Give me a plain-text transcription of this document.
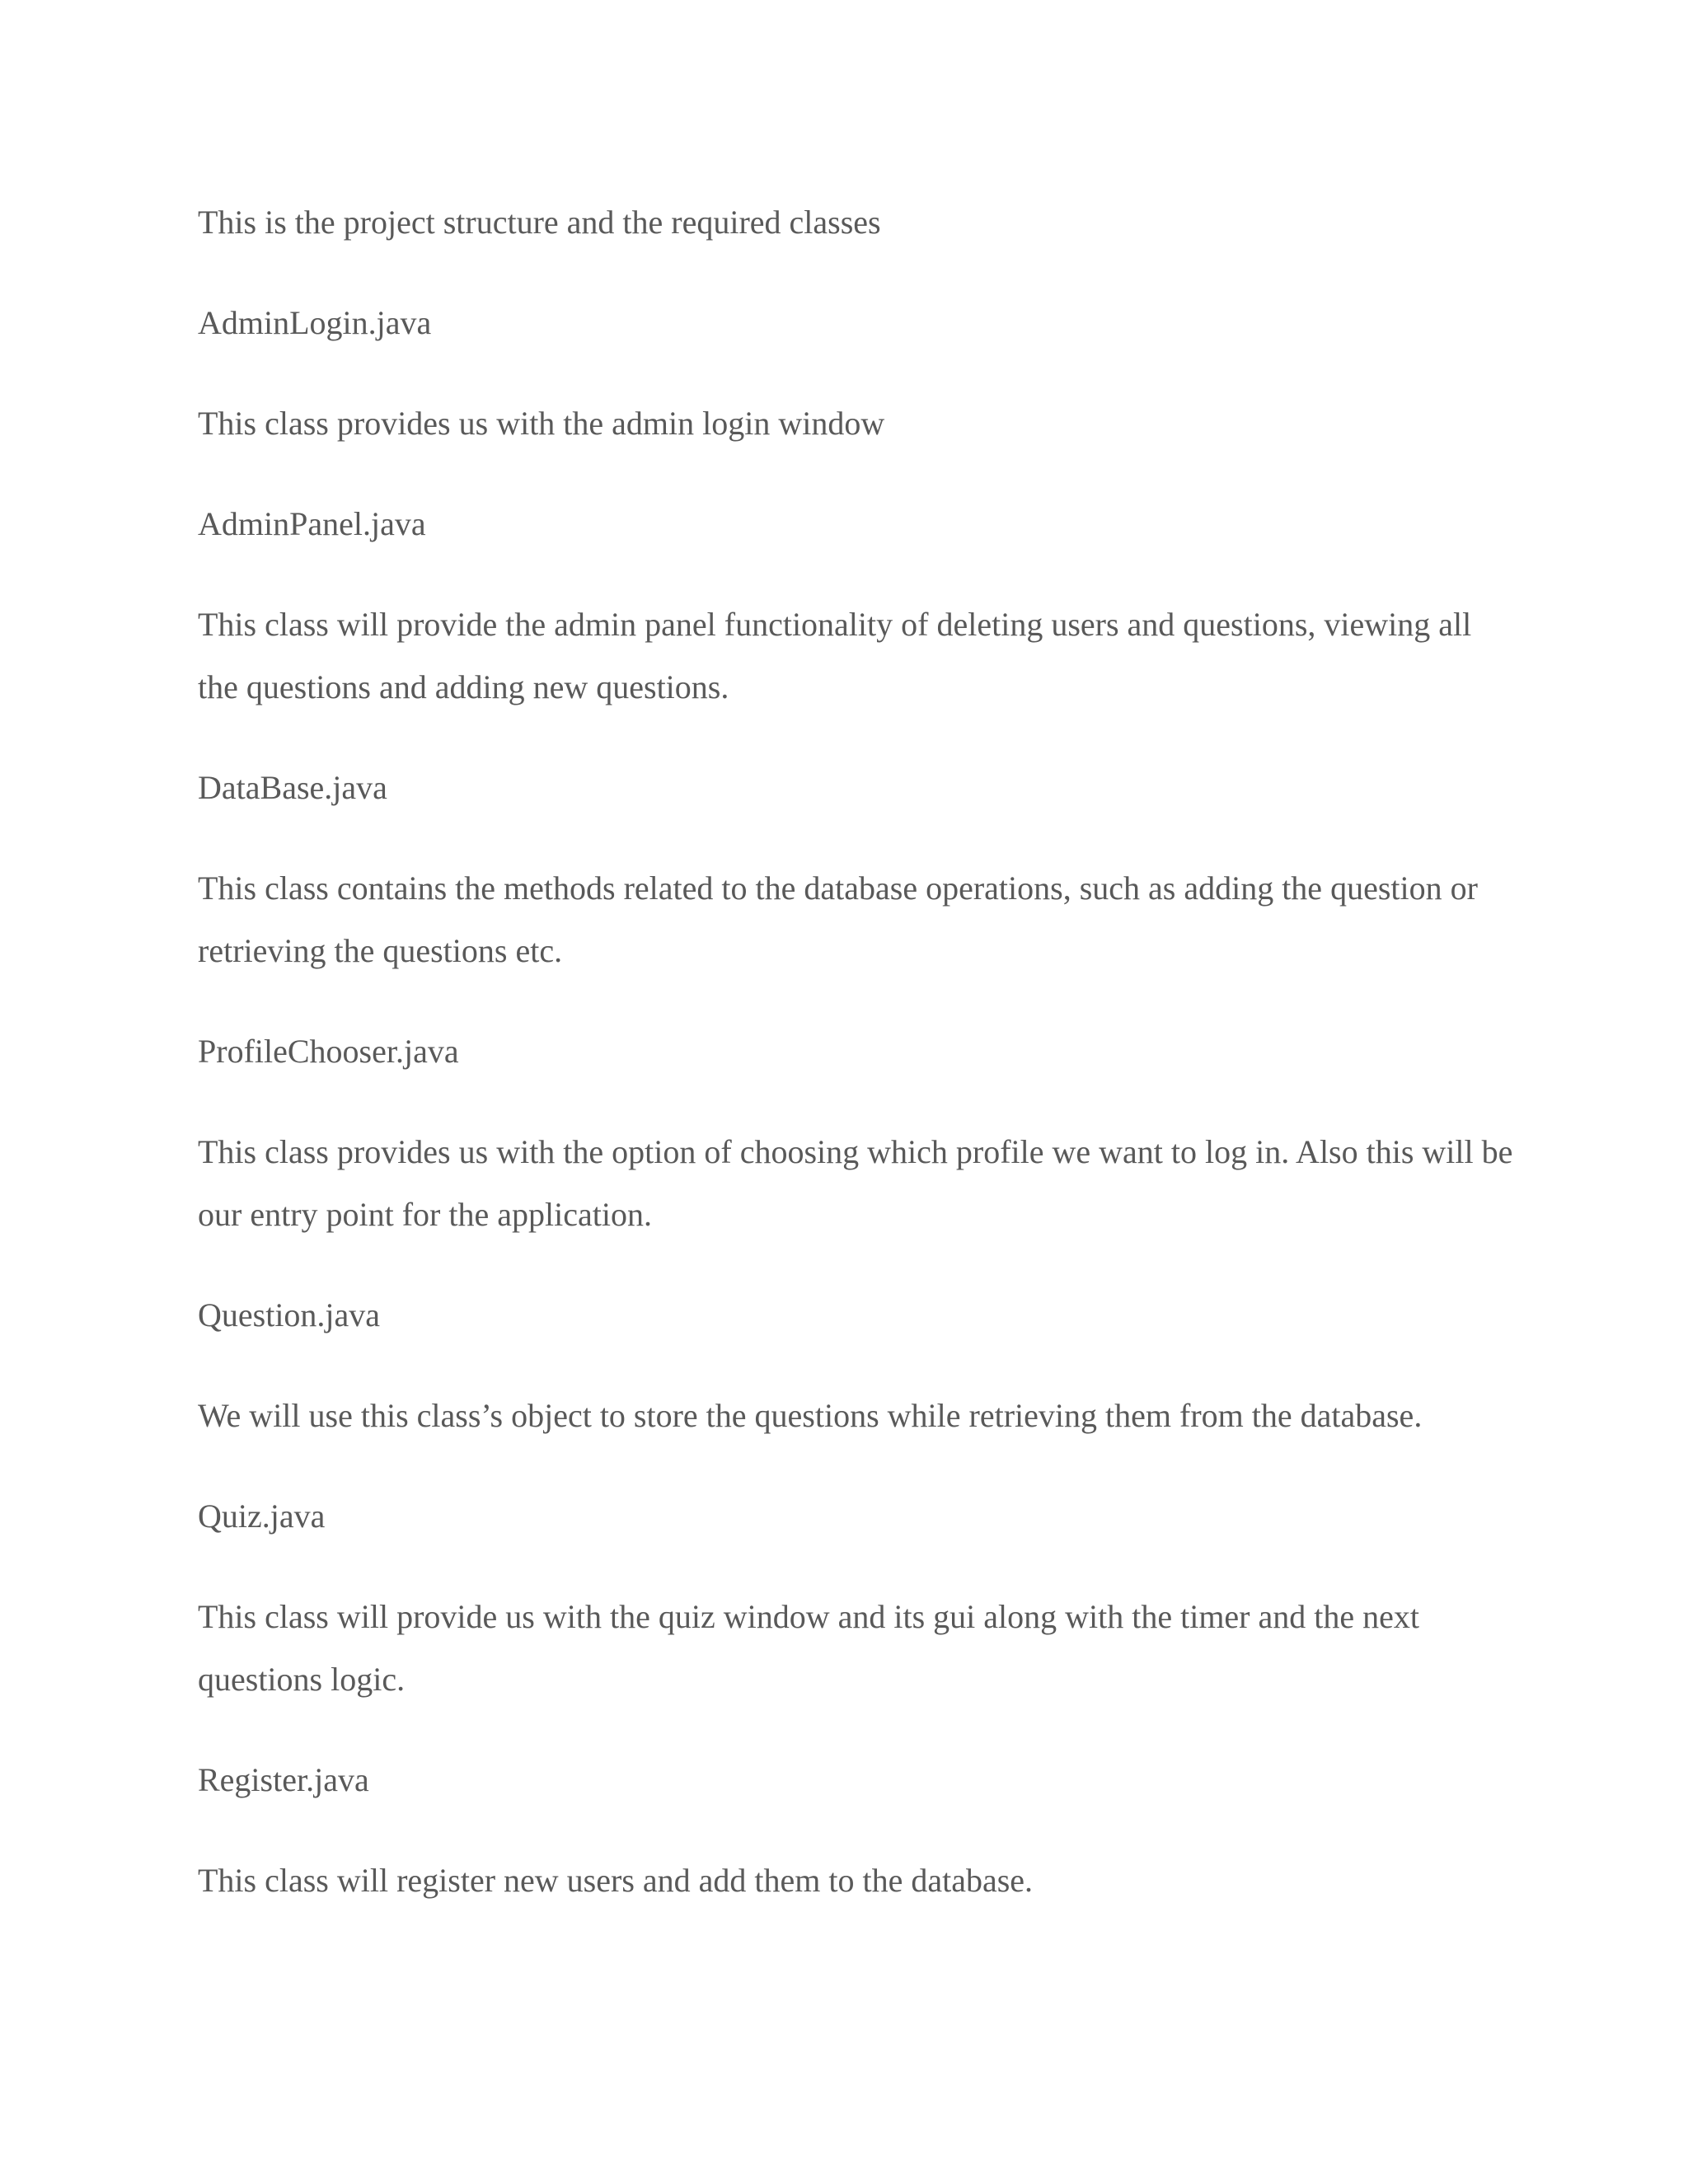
This is the project structure and the required classes

AdminLogin.java

This class provides us with the admin login window

AdminPanel.java

This class will provide the admin panel functionality of deleting users and questions, viewing all the questions and adding new questions.

DataBase.java

This class contains the methods related to the database operations, such as adding the question or retrieving the questions etc.

ProfileChooser.java

This class provides us with the option of choosing which profile we want to log in. Also this will be our entry point for the application.

Question.java

We will use this class’s object to store the questions while retrieving them from the database.

Quiz.java

This class will provide us with the quiz window and its gui along with the timer and the next questions logic.

Register.java

This class will register new users and add them to the database.
